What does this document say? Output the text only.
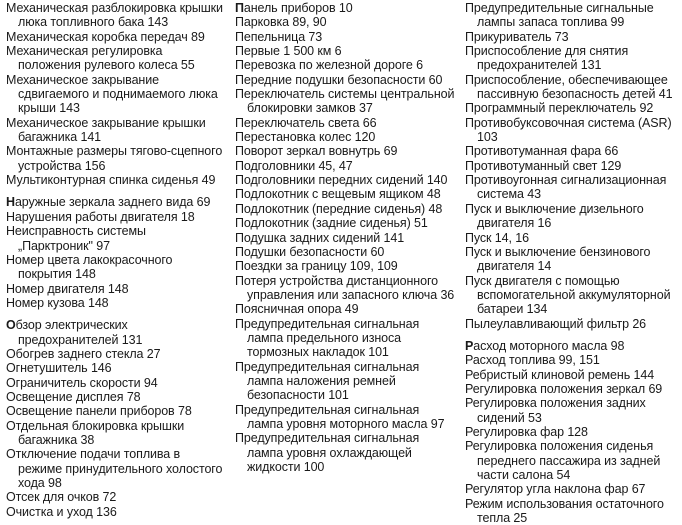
Механическая разблокировка крышки люка топливного бака 143
Механическая коробка передач 89
Механическая регулировка положения рулевого колеса 55
Механическое закрывание сдвигаемого и поднимаемого люка крыши 143
Механическое закрывание крышки багажника 141
Монтажные размеры тягово-сцепного устройства 156
Мультиконтурная спинка сиденья 49
Наружные зеркала заднего вида 69
Нарушения работы двигателя 18
Неисправность системы „Парктроник" 97
Номер цвета лакокрасочного покрытия 148
Номер двигателя 148
Номер кузова 148
Обзор электрических предохранителей 131
Обогрев заднего стекла 27
Огнетушитель 146
Ограничитель скорости 94
Освещение дисплея 78
Освещение панели приборов 78
Отдельная блокировка крышки багажника 38
Отключение подачи топлива в режиме принудительного холостого хода 98
Отсек для очков 72
Очистка и уход 136
Панель приборов 10
Парковка 89, 90
Пепельница 73
Первые 1 500 км 6
Перевозка по железной дороге 6
Передние подушки безопасности 60
Переключатель системы центральной блокировки замков 37
Переключатель света 66
Перестановка колес 120
Поворот зеркал вовнутрь 69
Подголовники 45, 47
Подголовники передних сидений 140
Подлокотник с вещевым ящиком 48
Подлокотник (передние сиденья) 48
Подлокотник (задние сиденья) 51
Подушка задних сидений 141
Подушки безопасности 60
Поездки за границу 109, 109
Потеря устройства дистанционного управления или запасного ключа 36
Поясничная опора 49
Предупредительная сигнальная лампа предельного износа тормозных накладок 101
Предупредительная сигнальная лампа наложения ремней безопасности 101
Предупредительная сигнальная лампа уровня моторного масла 97
Предупредительная сигнальная лампа уровня охлаждающей жидкости 100
Предупредительные сигнальные лампы запаса топлива 99
Прикуриватель 73
Приспособление для снятия предохранителей 131
Приспособление, обеспечивающее пассивную безопасность детей 41
Программный переключатель 92
Противобуксовочная система (ASR) 103
Противотуманная фара 66
Противотуманный свет 129
Противоугонная сигнализационная система 43
Пуск и выключение дизельного двигателя 16
Пуск 14, 16
Пуск и выключение бензинового двигателя 14
Пуск двигателя с помощью вспомогательной аккумуляторной батареи 134
Пылеулавливающий фильтр 26
Расход моторного масла 98
Расход топлива 99, 151
Ребристый клиновой ремень 144
Регулировка положения зеркал 69
Регулировка положения задних сидений 53
Регулировка фар 128
Регулировка положения сиденья переднего пассажира из задней части салона 54
Регулятор угла наклона фар 67
Режим использования остаточного тепла 25
